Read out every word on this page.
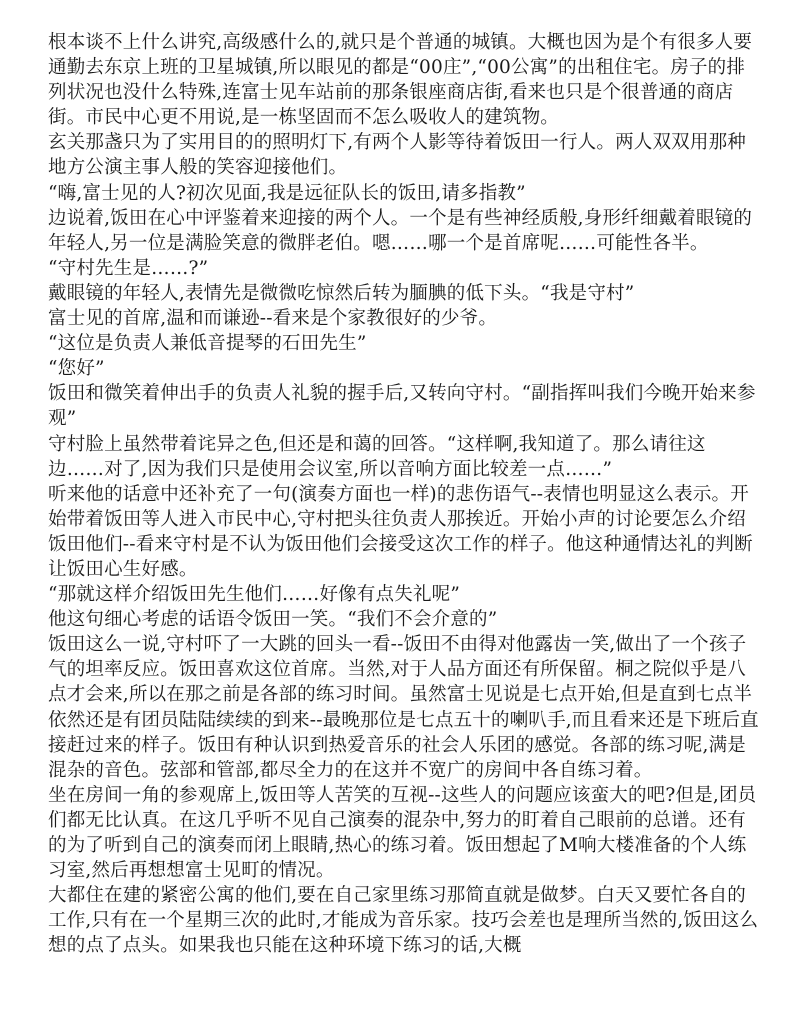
根本谈不上什么讲究,高级感什么的,就只是个普通的城镇。大概也因为是个有很多人要通勤去东京上班的卫星城镇,所以眼见的都是“00庄”,“00公寓”的出租住宅。房子的排列状况也没什么特殊,连富士见车站前的那条银座商店街,看来也只是个很普通的商店街。市民中心更不用说,是一栋坚固而不怎么吸收人的建筑物。

玄关那盏只为了实用目的的照明灯下,有两个人影等待着饭田一行人。两人双双用那种地方公演主事人般的笑容迎接他们。

“嗨,富士见的人?初次见面,我是远征队长的饭田,请多指教”

边说着,饭田在心中评鉴着来迎接的两个人。一个是有些神经质般,身形纤细戴着眼镜的年轻人,另一位是满脸笑意的微胖老伯。嗯……哪一个是首席呢……可能性各半。

“守村先生是……?”

戴眼镜的年轻人,表情先是微微吃惊然后转为腼腆的低下头。“我是守村”

富士见的首席,温和而谦逊--看来是个家教很好的少爷。

“这位是负责人兼低音提琴的石田先生”

“您好”

饭田和微笑着伸出手的负责人礼貌的握手后,又转向守村。“副指挥叫我们今晚开始来参观”

守村脸上虽然带着诧异之色,但还是和蔼的回答。“这样啊,我知道了。那么请往这边……对了,因为我们只是使用会议室,所以音响方面比较差一点……”

听来他的话意中还补充了一句(演奏方面也一样)的悲伤语气--表情也明显这么表示。开始带着饭田等人进入市民中心,守村把头往负责人那挨近。开始小声的讨论要怎么介绍饭田他们--看来守村是不认为饭田他们会接受这次工作的样子。他这种通情达礼的判断让饭田心生好感。

“那就这样介绍饭田先生他们……好像有点失礼呢”

他这句细心考虑的话语令饭田一笑。“我们不会介意的”

饭田这么一说,守村吓了一大跳的回头一看--饭田不由得对他露齿一笑,做出了一个孩子气的坦率反应。饭田喜欢这位首席。当然,对于人品方面还有所保留。桐之院似乎是八点才会来,所以在那之前是各部的练习时间。虽然富士见说是七点开始,但是直到七点半依然还是有团员陆陆续续的到来--最晚那位是七点五十的喇叭手,而且看来还是下班后直接赶过来的样子。饭田有种认识到热爱音乐的社会人乐团的感觉。各部的练习呢,满是混杂的音色。弦部和管部,都尽全力的在这并不宽广的房间中各自练习着。

坐在房间一角的参观席上,饭田等人苦笑的互视--这些人的问题应该蛮大的吧?但是,团员们都无比认真。在这几乎听不见自己演奏的混杂中,努力的盯着自己眼前的总谱。还有的为了听到自己的演奏而闭上眼睛,热心的练习着。饭田想起了M响大楼准备的个人练习室,然后再想想富士见町的情况。

大都住在建的紧密公寓的他们,要在自己家里练习那简直就是做梦。白天又要忙各自的工作,只有在一个星期三次的此时,才能成为音乐家。技巧会差也是理所当然的,饭田这么想的点了点头。如果我也只能在这种环境下练习的话,大概
